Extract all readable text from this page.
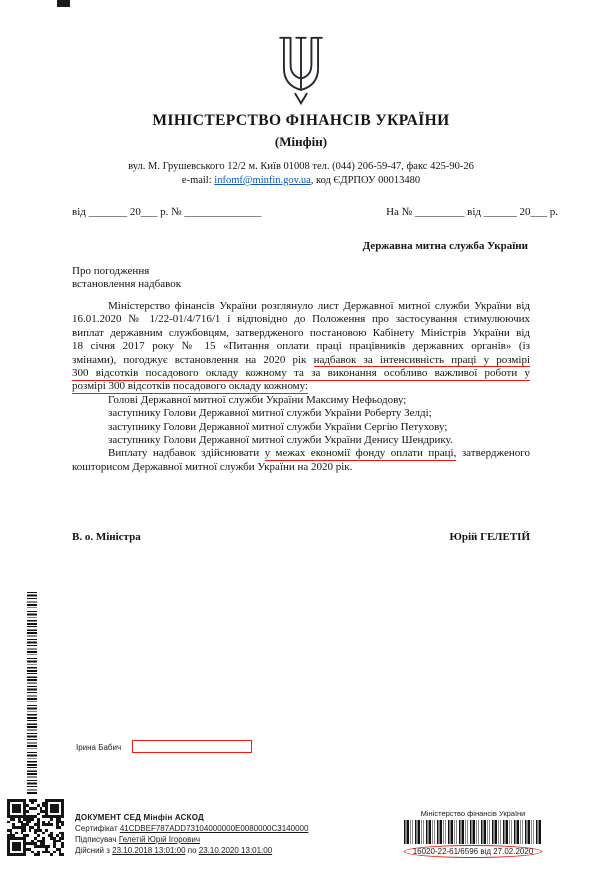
МІНІСТЕРСТВО ФІНАНСІВ УКРАЇНИ
(Мінфін)
вул. М. Грушевського 12/2 м. Київ 01008 тел. (044) 206-59-47, факс 425-90-26
e-mail: infomf@minfin.gov.ua, код ЄДРПОУ 00013480
від _______ 20___ р. № ______________	На № _________ від ______ 20___ р.
Державна митна служба України
Про погодження
встановлення надбавок
Міністерство фінансів України розглянуло лист Державної митної служби України від
16.01.2020 № 1/22-01/4/716/1 і відповідно до Положення про застосування стимулюючих
виплат державним службовцям, затвердженого постановою Кабінету Міністрів України від
18 січня 2017 року № 15 «Питання оплати праці працівників державних органів» (із
змінами), погоджує встановлення на 2020 рік надбавок за інтенсивність праці у розмірі
300 відсотків посадового окладу кожному та за виконання особливо важливої роботи у
розмірі 300 відсотків посадового окладу кожному:
Голові Державної митної служби України Максиму Нефьодову;
заступнику Голови Державної митної служби України Роберту Зелді;
заступнику Голови Державної митної служби України Сергію Петухову;
заступнику Голови Державної митної служби України Денису Шендрику.
Виплату надбавок здійснювати у межах економії фонду оплати праці, затвердженого
кошторисом Державної митної служби України на 2020 рік.
В. о. Міністра	Юрій ГЕЛЕТІЙ
Ірина Бабич
ДОКУМЕНТ СЕД Мінфін АСКОД
Сертифікат 41CDBEF787ADD73104000000E0080000C3140000
Підписувач Гелетій Юрій Ігорович
Дійсний з 23.10.2018 13:01:00 по 23.10.2020 13:01:00
Міністерство фінансів України
16020-22-61/6596 від 27.02.2020
